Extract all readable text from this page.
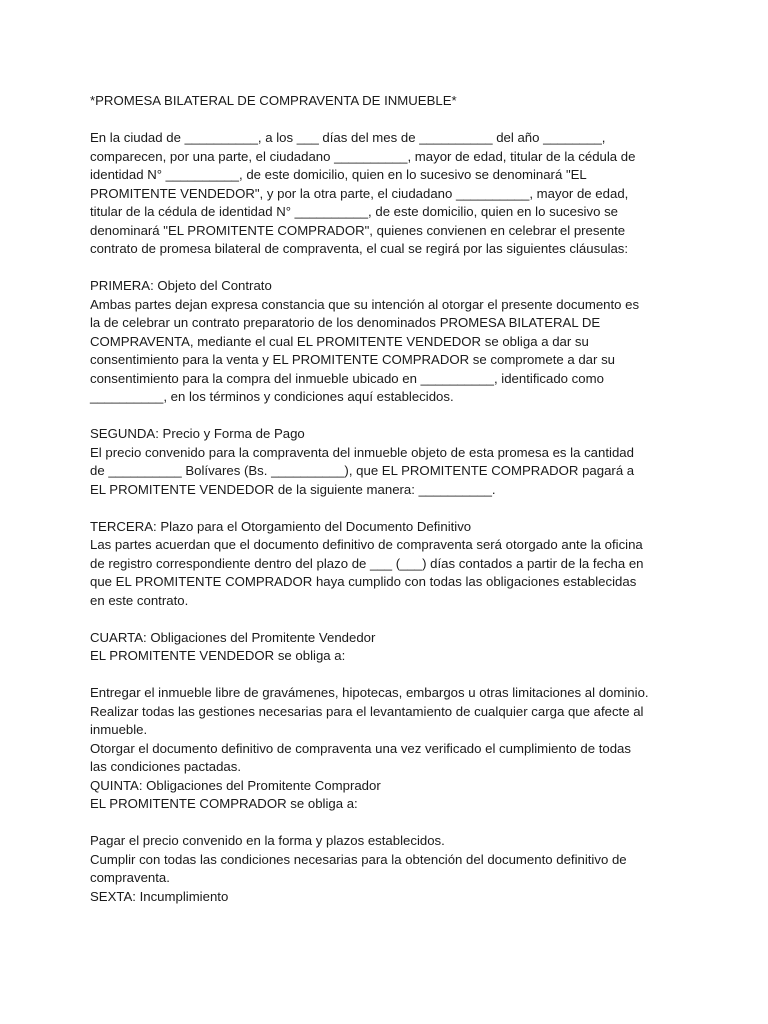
*PROMESA BILATERAL DE COMPRAVENTA DE INMUEBLE*
En la ciudad de __________, a los ___ días del mes de __________ del año ________,
comparecen, por una parte, el ciudadano __________, mayor de edad, titular de la cédula de
identidad N° __________, de este domicilio, quien en lo sucesivo se denominará "EL
PROMITENTE VENDEDOR", y por la otra parte, el ciudadano __________, mayor de edad,
titular de la cédula de identidad N° __________, de este domicilio, quien en lo sucesivo se
denominará "EL PROMITENTE COMPRADOR", quienes convienen en celebrar el presente
contrato de promesa bilateral de compraventa, el cual se regirá por las siguientes cláusulas:
PRIMERA: Objeto del Contrato
Ambas partes dejan expresa constancia que su intención al otorgar el presente documento es
la de celebrar un contrato preparatorio de los denominados PROMESA BILATERAL DE
COMPRAVENTA, mediante el cual EL PROMITENTE VENDEDOR se obliga a dar su
consentimiento para la venta y EL PROMITENTE COMPRADOR se compromete a dar su
consentimiento para la compra del inmueble ubicado en __________, identificado como
__________, en los términos y condiciones aquí establecidos.
SEGUNDA: Precio y Forma de Pago
El precio convenido para la compraventa del inmueble objeto de esta promesa es la cantidad
de __________ Bolívares (Bs. __________), que EL PROMITENTE COMPRADOR pagará a
EL PROMITENTE VENDEDOR de la siguiente manera: __________.
TERCERA: Plazo para el Otorgamiento del Documento Definitivo
Las partes acuerdan que el documento definitivo de compraventa será otorgado ante la oficina
de registro correspondiente dentro del plazo de ___ (___) días contados a partir de la fecha en
que EL PROMITENTE COMPRADOR haya cumplido con todas las obligaciones establecidas
en este contrato.
CUARTA: Obligaciones del Promitente Vendedor
EL PROMITENTE VENDEDOR se obliga a:
Entregar el inmueble libre de gravámenes, hipotecas, embargos u otras limitaciones al dominio.
Realizar todas las gestiones necesarias para el levantamiento de cualquier carga que afecte al
inmueble.
Otorgar el documento definitivo de compraventa una vez verificado el cumplimiento de todas
las condiciones pactadas.
QUINTA: Obligaciones del Promitente Comprador
EL PROMITENTE COMPRADOR se obliga a:
Pagar el precio convenido en la forma y plazos establecidos.
Cumplir con todas las condiciones necesarias para la obtención del documento definitivo de
compraventa.
SEXTA: Incumplimiento
